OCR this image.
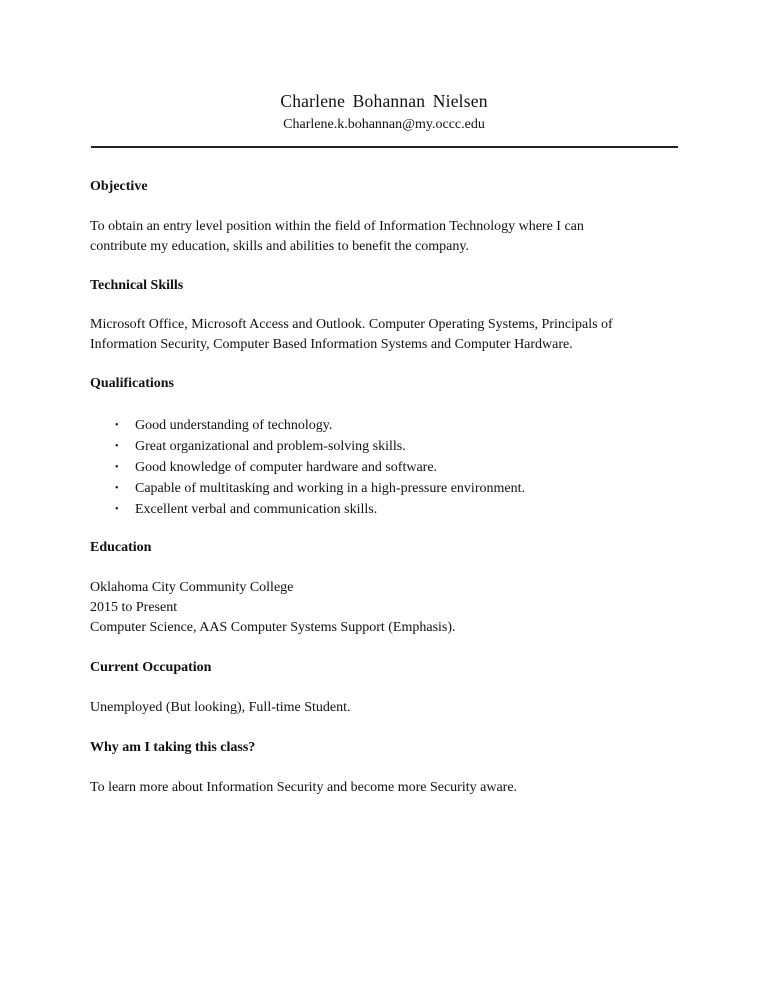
Charlene Bohannan Nielsen
Charlene.k.bohannan@my.occc.edu

Objective

To obtain an entry level position within the field of Information Technology where I can
contribute my education, skills and abilities to benefit the company.

Technical Skills

Microsoft Office, Microsoft Access and Outlook. Computer Operating Systems, Principals of
Information Security, Computer Based Information Systems and Computer Hardware.

Qualifications

• Good understanding of technology.
• Great organizational and problem-solving skills.
• Good knowledge of computer hardware and software.
• Capable of multitasking and working in a high-pressure environment.
• Excellent verbal and communication skills.

Education

Oklahoma City Community College
2015 to Present
Computer Science, AAS Computer Systems Support (Emphasis).

Current Occupation

Unemployed (But looking), Full-time Student.

Why am I taking this class?

To learn more about Information Security and become more Security aware.
